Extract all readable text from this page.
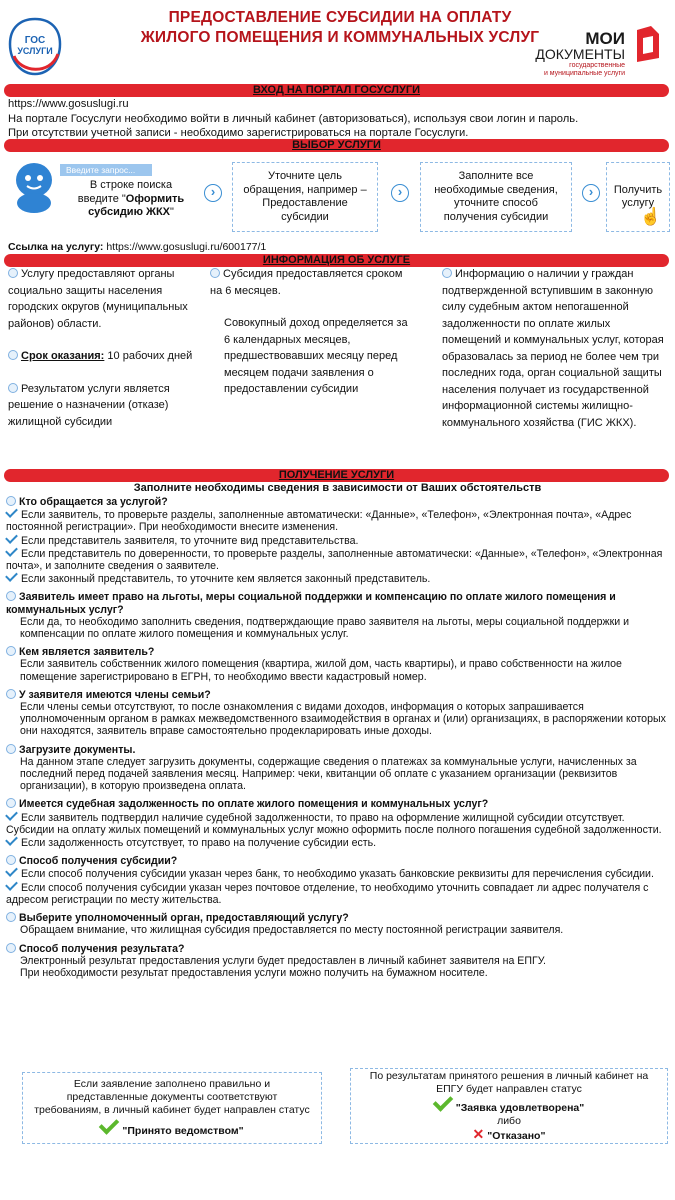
ГОС
УСЛУГИ
ПРЕДОСТАВЛЕНИЕ СУБСИДИИ НА ОПЛАТУ
ЖИЛОГО ПОМЕЩЕНИЯ И КОММУНАЛЬНЫХ УСЛУГ	МОИ
ДОКУМЕНТЫ
государственные
и муниципальные услуги
ВХОД НА ПОРТАЛ ГОСУСЛУГИ
https://www.gosuslugi.ru
На портале Госуслуги необходимо войти в личный кабинет (авторизоваться), используя свои логин и пароль.
При отсутствии учетной записи - необходимо зарегистрироваться на портале Госуслуги.
ВЫБОР УСЛУГИ
Введите запрос...
В строке поиска введите "Оформить субсидию ЖКХ"
›
Уточните цель обращения, например – Предоставление субсидии
›
Заполните все необходимые сведения, уточните способ получения субсидии
›	Получить услугу
☝
Ссылка на услугу: https://www.gosuslugi.ru/600177/1
ИНФОРМАЦИЯ ОБ УСЛУГЕ
Услугу предоставляют органы социально защиты населения городских округов (муниципальных районов) области.
Срок оказания: 10 рабочих дней
Результатом услуги является решение о назначении (отказе) жилищной субсидии
Субсидия предоставляется сроком на 6 месяцев.
Совокупный доход определяется за 6 календарных месяцев, предшествовавших месяцу перед месяцем подачи заявления о предоставлении субсидии
Информацию о наличии у граждан подтвержденной вступившим в законную силу судебным актом непогашенной задолженности по оплате жилых помещений и коммунальных услуг, которая образовалась за период не более чем три последних года, орган социальной защиты населения получает из государственной информационной системы жилищно-коммунального хозяйства (ГИС ЖКХ).
ПОЛУЧЕНИЕ УСЛУГИ
Заполните необходимы сведения в зависимости от Ваших обстоятельств
Кто обращается за услугой?
Если заявитель, то проверьте разделы, заполненные автоматически: «Данные», «Телефон», «Электронная почта», «Адрес постоянной регистрации». При необходимости внесите изменения.
Если представитель заявителя, то уточните вид представительства.
Если представитель по доверенности, то проверьте разделы, заполненные автоматически: «Данные», «Телефон», «Электронная почта», и заполните сведения о заявителе.
Если законный представитель, то уточните кем является законный представитель.
Заявитель имеет право на льготы, меры социальной поддержки и компенсацию по оплате жилого помещения и коммунальных услуг?
Если да, то необходимо заполнить сведения, подтверждающие право заявителя на льготы, меры социальной поддержки и компенсации по оплате жилого помещения и коммунальных услуг.
Кем является заявитель?
Если заявитель собственник жилого помещения (квартира, жилой дом, часть квартиры), и право собственности на жилое помещение зарегистрировано в ЕГРН, то необходимо ввести кадастровый номер.
У заявителя имеются члены семьи?
Если члены семьи отсутствуют, то после ознакомления с видами доходов, информация о которых запрашивается уполномоченным органом в рамках межведомственного взаимодействия в органах и (или) организациях, в распоряжении которых они находятся, заявитель вправе самостоятельно продекларировать иные доходы.
Загрузите документы.
На данном этапе следует загрузить документы, содержащие сведения о платежах за коммунальные услуги, начисленных за последний перед подачей заявления месяц. Например: чеки, квитанции об оплате с указанием организации (реквизитов организации), в которую произведена оплата.
Имеется судебная задолженность по оплате жилого помещения и коммунальных услуг?
Если заявитель подтвердил наличие судебной задолженности, то право на оформление жилищной субсидии отсутствует. Субсидии на оплату жилых помещений и коммунальных услуг можно оформить после полного погашения судебной задолженности.
Если задолженность отсутствует, то право на получение субсидии есть.
Способ получения субсидии?
Если способ получения субсидии указан через банк, то необходимо указать банковские реквизиты для перечисления субсидии.
Если способ получения субсидии указан через почтовое отделение, то необходимо уточнить совпадает ли адрес получателя с адресом регистрации по месту жительства.
Выберите уполномоченный орган, предоставляющий услугу?
Обращаем внимание, что жилищная субсидия предоставляется по месту постоянной регистрации заявителя.
Способ получения результата?
Электронный результат предоставления услуги будет предоставлен в личный кабинет заявителя на ЕПГУ.
При необходимости результат предоставления услуги можно получить на бумажном носителе.
Если заявление заполнено правильно и представленные документы соответствуют требованиям, в личный кабинет будет направлен статус
"Принято ведомством"
По результатам принятого решения в личный кабинет на ЕПГУ будет направлен статус
"Заявка удовлетворена"
либо
✕ "Отказано"
